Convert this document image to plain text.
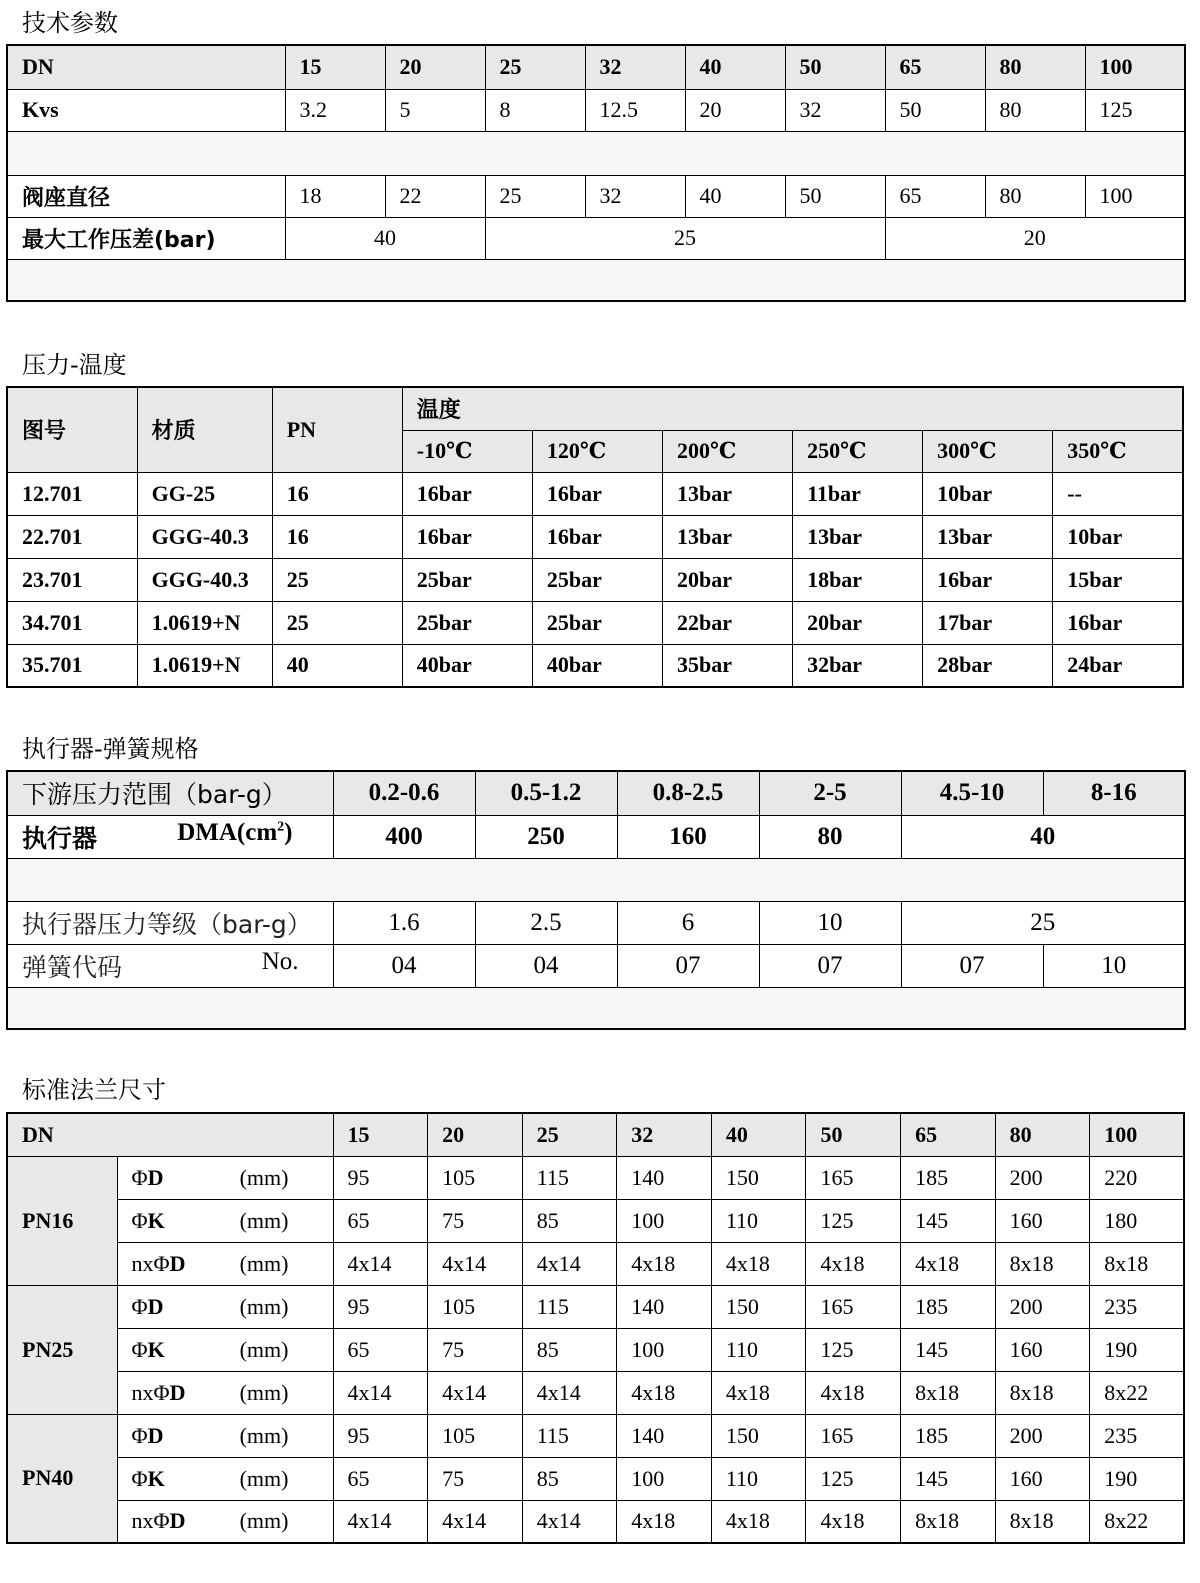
技术参数
DN	15	20	25	32	40	50	65	80	100
Kvs	3.2	5	8	12.5	20	32	50	80	125

阀座直径	18	22	25	32	40	50	65	80	100
最大工作压差(bar)	40		25				20		

压力-温度
图号	材质	PN	温度					
			-10℃	120℃	200℃	250℃	300℃	350℃
12.701	GG-25	16	16bar	16bar	13bar	11bar	10bar	--
22.701	GGG-40.3	16	16bar	16bar	13bar	13bar	13bar	10bar
23.701	GGG-40.3	25	25bar	25bar	20bar	18bar	16bar	15bar
34.701	1.0619+N	25	25bar	25bar	22bar	20bar	17bar	16bar
35.701	1.0619+N	40	40bar	40bar	35bar	32bar	28bar	24bar
执行器-弹簧规格
下游压力范围（bar-g）	0.2-0.6	0.5-1.2	0.8-2.5	2-5	4.5-10	8-16
执行器 $DMA(cm^2)$	400	250	160	80	40	

执行器压力等级（bar-g）	1.6	2.5	6	10	25	
弹簧代码 No.	04	04	07	07	07	10

标准法兰尺寸
DN		15	20	25	32	40	50	65	80	100
PN16	ΦD (mm)	95	105	115	140	150	165	185	200	220
	ΦK (mm)	65	75	85	100	110	125	145	160	180
	nxΦD (mm)	4x14	4x14	4x14	4x18	4x18	4x18	4x18	8x18	8x18
PN25	ΦD (mm)	95	105	115	140	150	165	185	200	235
	ΦK (mm)	65	75	85	100	110	125	145	160	190
	nxΦD (mm)	4x14	4x14	4x14	4x18	4x18	4x18	8x18	8x18	8x22
PN40	ΦD (mm)	95	105	115	140	150	165	185	200	235
	ΦK (mm)	65	75	85	100	110	125	145	160	190
	nxΦD (mm)	4x14	4x14	4x14	4x18	4x18	4x18	8x18	8x18	8x22
